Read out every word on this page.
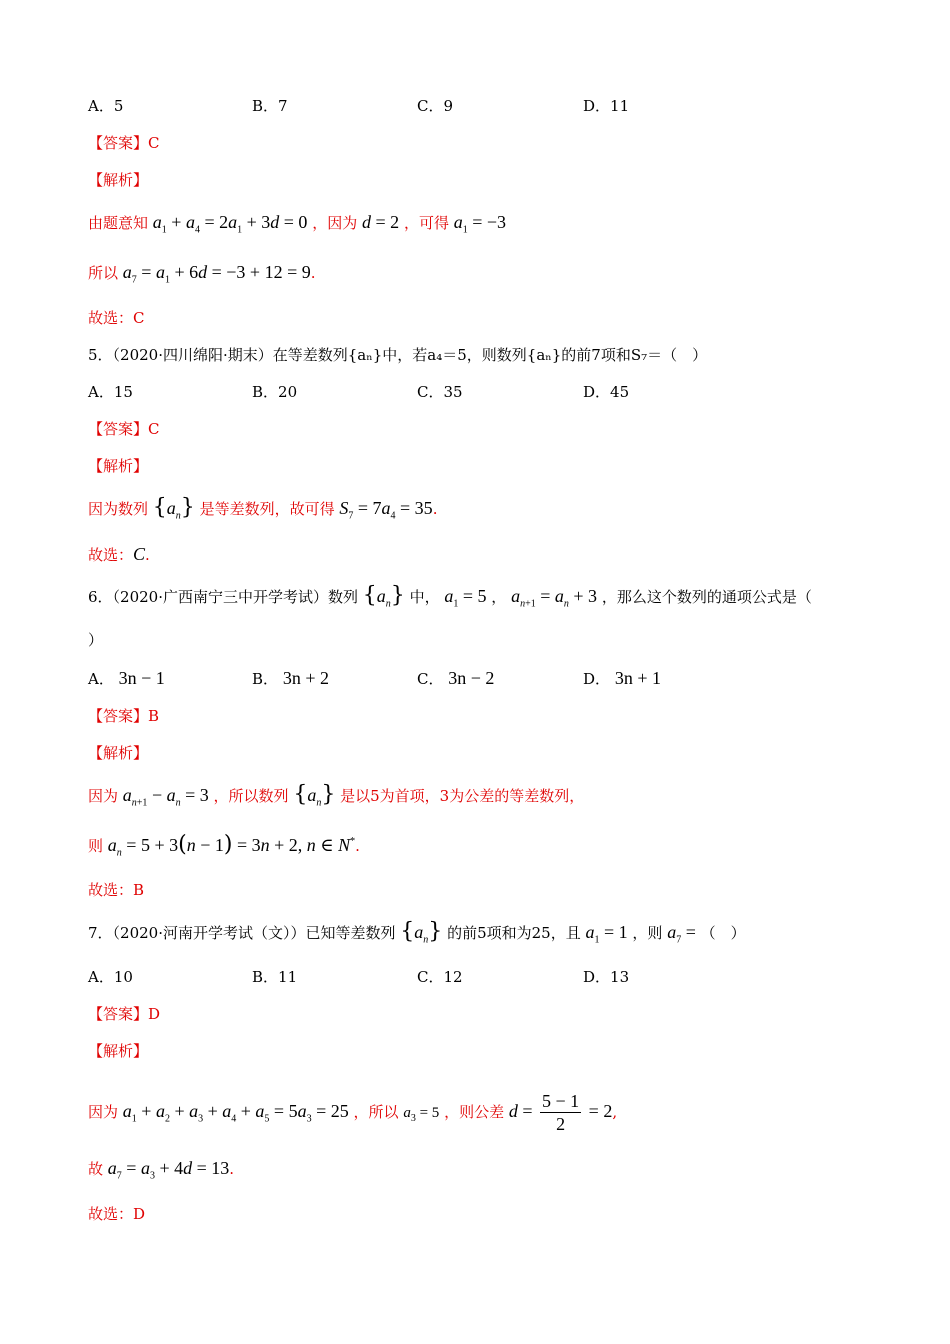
A．5	B．7	C．9	D．11
【答案】C
【解析】
由题意知 $a_1 + a_4 = 2a_1 + 3d = 0$ ，因为 d = 2 ，可得 $a_1 = -3$
所以 $a_7 = a_1 + 6d = -3 + 12 = 9$.
故选：C
5．（2020·四川绵阳·期末）在等差数列{aₙ}中，若a₄＝5，则数列{aₙ}的前7项和S₇＝（　）
A．15	B．20	C．35	D．45
【答案】C
【解析】
因为数列 $\{a_n\}$ 是等差数列，故可得 $S_7 = 7a_4 = 35$.
故选：C.
6．（2020·广西南宁三中开学考试）数列 $\{a_n\}$ 中， $a_1 = 5$ ， $a_{n+1} = a_n + 3$ ，那么这个数列的通项公式是（
）
A． 3n − 1	B． 3n + 2	C． 3n − 2	D． 3n + 1
【答案】B
【解析】
因为 $a_{n+1} - a_n = 3$ ，所以数列 $\{a_n\}$ 是以5为首项，3为公差的等差数列，
则 $a_n = 5 + 3(n - 1) = 3n + 2$, n ∈ N*.
故选：B
7．（2020·河南开学考试（文））已知等差数列 $\{a_n\}$ 的前5项和为25，且 $a_1 = 1$ ，则 $a_7$ = （　）
A．10	B．11	C．12	D．13
【答案】D
【解析】
因为 $a_1 + a_2 + a_3 + a_4 + a_5 = 5a_3 = 25$ ，所以 $a_3 = 5$ ，则公差 $d = \frac{5 - 1}{2} = 2$,
故 $a_7 = a_3 + 4d = 13$.
故选：D
